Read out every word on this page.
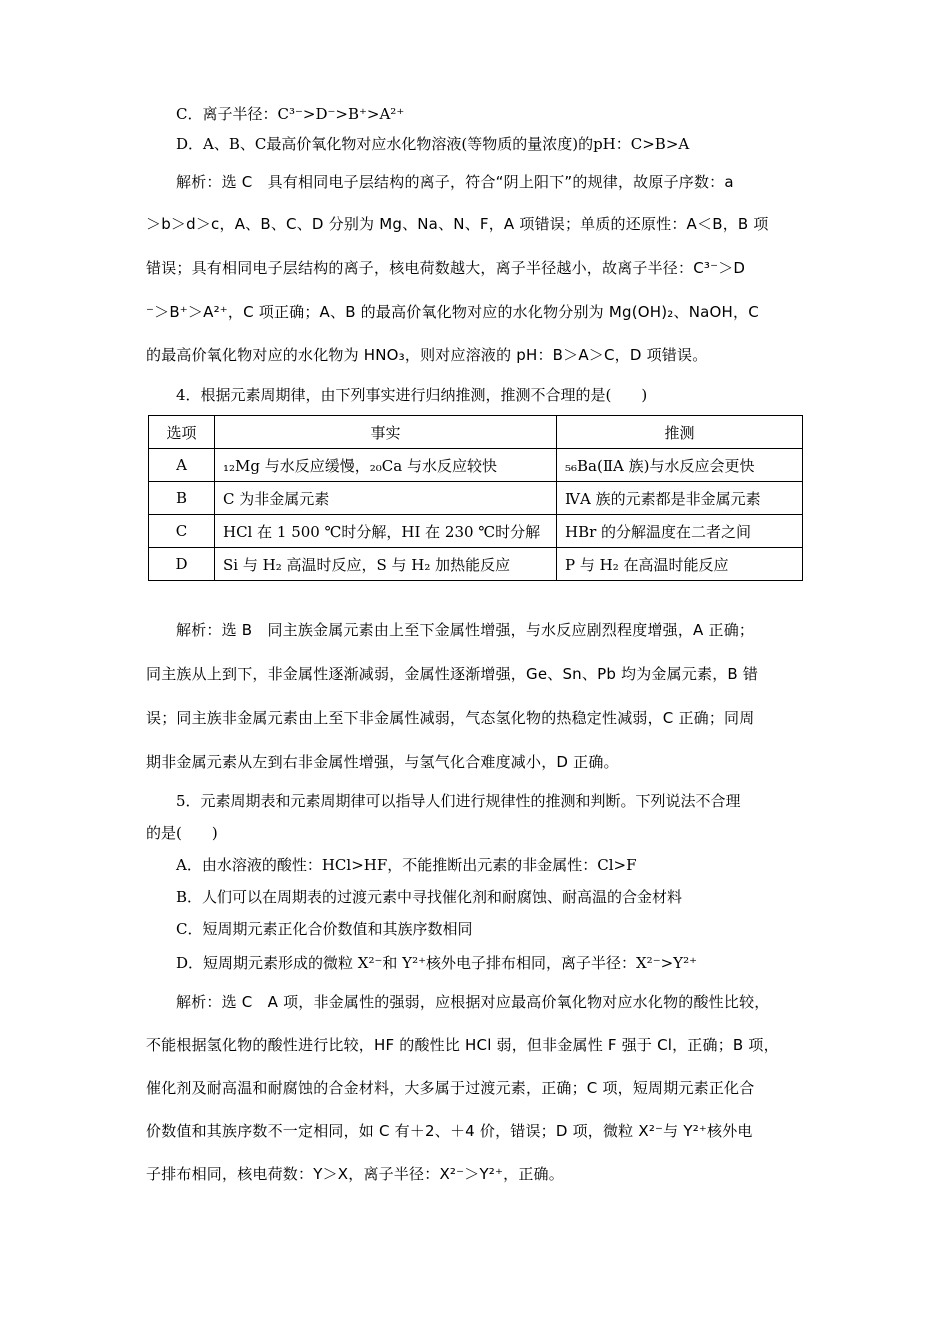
C．离子半径：C³⁻>D⁻>B⁺>A²⁺
D．A、B、C最高价氧化物对应水化物溶液(等物质的量浓度)的pH：C>B>A
解析：选 C　具有相同电子层结构的离子，符合“阴上阳下”的规律，故原子序数：a
＞b＞d＞c，A、B、C、D 分别为 Mg、Na、N、F，A 项错误；单质的还原性：A＜B，B 项
错误；具有相同电子层结构的离子，核电荷数越大，离子半径越小，故离子半径：C³⁻＞D
⁻＞B⁺＞A²⁺，C 项正确；A、B 的最高价氧化物对应的水化物分别为 Mg(OH)₂、NaOH，C
的最高价氧化物对应的水化物为 HNO₃，则对应溶液的 pH：B＞A＞C，D 项错误。
4．根据元素周期律，由下列事实进行归纳推测，推测不合理的是(　　)
选项	事实	推测
A	₁₂Mg 与水反应缓慢，₂₀Ca 与水反应较快	₅₆Ba(ⅡA 族)与水反应会更快
B	C 为非金属元素	ⅣA 族的元素都是非金属元素
C	HCl 在 1 500 ℃时分解，HI 在 230 ℃时分解	HBr 的分解温度在二者之间
D	Si 与 H₂ 高温时反应，S 与 H₂ 加热能反应	P 与 H₂ 在高温时能反应
解析：选 B　同主族金属元素由上至下金属性增强，与水反应剧烈程度增强，A 正确；
同主族从上到下，非金属性逐渐减弱，金属性逐渐增强，Ge、Sn、Pb 均为金属元素，B 错
误；同主族非金属元素由上至下非金属性减弱，气态氢化物的热稳定性减弱，C 正确；同周
期非金属元素从左到右非金属性增强，与氢气化合难度减小，D 正确。
5．元素周期表和元素周期律可以指导人们进行规律性的推测和判断。下列说法不合理
的是(　　)
A．由水溶液的酸性：HCl>HF，不能推断出元素的非金属性：Cl>F
B．人们可以在周期表的过渡元素中寻找催化剂和耐腐蚀、耐高温的合金材料
C．短周期元素正化合价数值和其族序数相同
D．短周期元素形成的微粒 X²⁻和 Y²⁺核外电子排布相同，离子半径：X²⁻>Y²⁺
解析：选 C　A 项，非金属性的强弱，应根据对应最高价氧化物对应水化物的酸性比较，
不能根据氢化物的酸性进行比较，HF 的酸性比 HCl 弱，但非金属性 F 强于 Cl，正确；B 项，
催化剂及耐高温和耐腐蚀的合金材料，大多属于过渡元素，正确；C 项，短周期元素正化合
价数值和其族序数不一定相同，如 C 有＋2、＋4 价，错误；D 项，微粒 X²⁻与 Y²⁺核外电
子排布相同，核电荷数：Y＞X，离子半径：X²⁻＞Y²⁺，正确。
